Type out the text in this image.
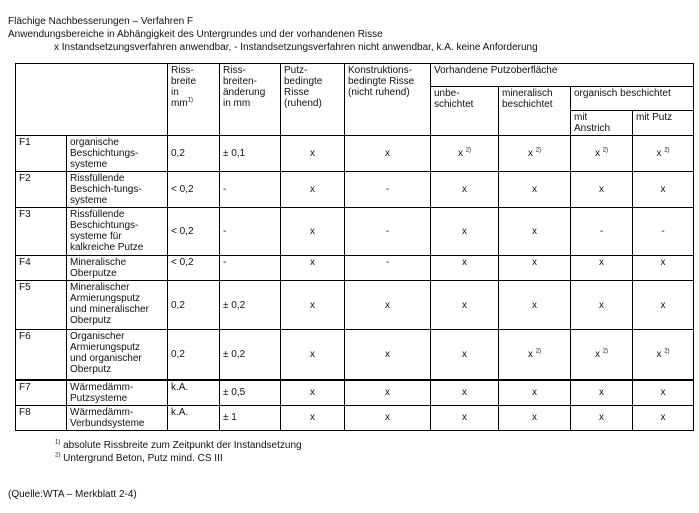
Flächige Nachbesserungen – Verfahren F
Anwendungsbereiche in Abhängigkeit des Untergrundes und der vorhandenen Risse
x Instandsetzungsverfahren anwendbar, - Instandsetzungsverfahren nicht anwendbar, k.A. keine Anforderung
		Riss-
breite
in
$mm^{1)}$	Riss-
breiten-
änderung
in mm	Putz-
bedingte
Risse
(ruhend)	Konstruktions-
bedingte Risse
(nicht ruhend)	Vorhandene Putzoberfläche			
						unbe-
schichtet	mineralisch
beschichtet	organisch beschichtet	
								mit
Anstrich	mit Putz
F1	organische
Beschichtungs-
systeme	0,2	± 0,1	x	x	x $^{2)}$	x $^{2)}$	x $^{2)}$	x $^{2)}$
F2	Rissfüllende
Beschich-tungs-
systeme	< 0,2	-	x	-	x	x	x	x
F3	Rissfüllende
Beschichtungs-
systeme für
kalkreiche Putze	< 0,2	-	x	-	x	x	-	-
F4	Mineralische
Oberputze	< 0,2	-	x	-	x	x	x	x
F5	Mineralischer
Armierungsputz
und mineralischer
Oberputz	0,2	± 0,2	x	x	x	x	x	x
F6	Organischer
Armierungsputz
und organischer
Oberputz	0,2	± 0,2	x	x	x	x $^{2)}$	x $^{2)}$	x $^{2)}$
F7	Wärmedämm-
Putzsysteme	k.A.	± 0,5	x	x	x	x	x	x
F8	Wärmedämm-
Verbundsysteme	k.A.	± 1	x	x	x	x	x	x
$^{1)}$ absolute Rissbreite zum Zeitpunkt der Instandsetzung
$^{2)}$ Untergrund Beton, Putz mind. CS III
(Quelle:WTA – Merkblatt 2-4)
